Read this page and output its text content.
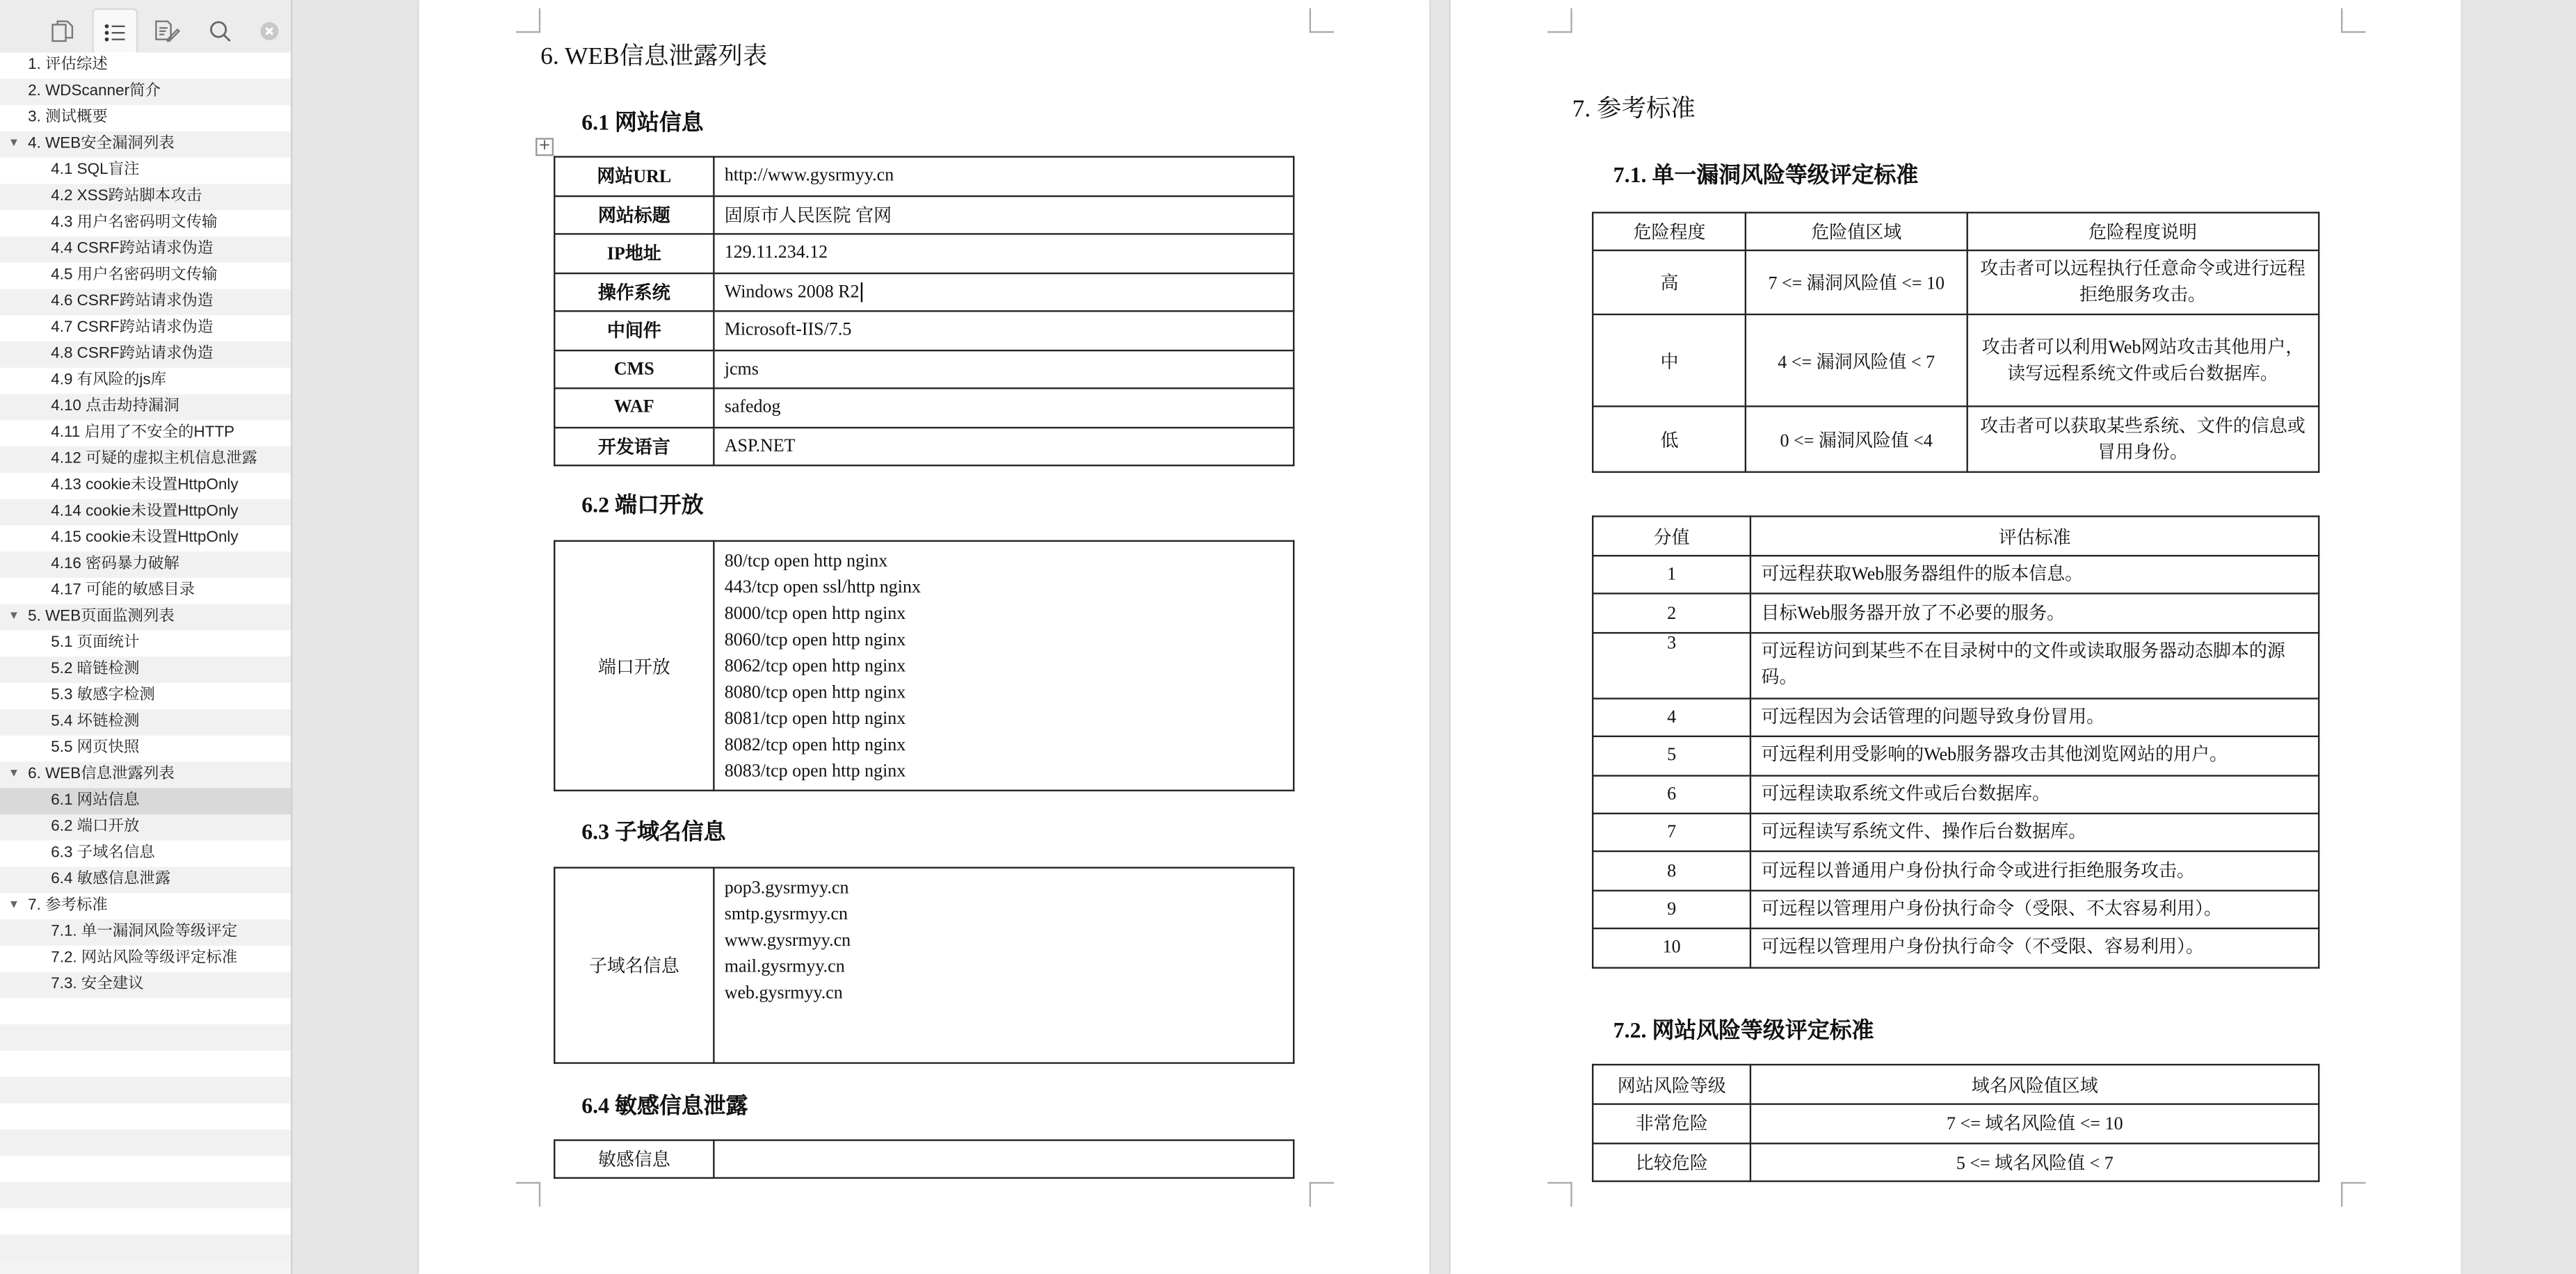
1. 评估综述
2. WDScanner简介
3. 测试概要
▼ 4. WEB安全漏洞列表
4.1 SQL盲注
4.2 XSS跨站脚本攻击
4.3 用户名密码明文传输
4.4 CSRF跨站请求伪造
4.5 用户名密码明文传输
4.6 CSRF跨站请求伪造
4.7 CSRF跨站请求伪造
4.8 CSRF跨站请求伪造
4.9 有风险的js库
4.10 点击劫持漏洞
4.11 启用了不安全的HTTP
4.12 可疑的虚拟主机信息泄露
4.13 cookie未设置HttpOnly
4.14 cookie未设置HttpOnly
4.15 cookie未设置HttpOnly
4.16 密码暴力破解
4.17 可能的敏感目录
▼ 5. WEB页面监测列表
5.1 页面统计
5.2 暗链检测
5.3 敏感字检测
5.4 坏链检测
5.5 网页快照
▼ 6. WEB信息泄露列表
6.1 网站信息
6.2 端口开放
6.3 子域名信息
6.4 敏感信息泄露
▼ 7. 参考标准
7.1. 单一漏洞风险等级评定
7.2. 网站风险等级评定标准
7.3. 安全建议
6. WEB信息泄露列表
6.1 网站信息
+
网站URL	http://www.gysrmyy.cn
网站标题	固原市人民医院 官网
IP地址	129.11.234.12
操作系统	Windows 2008 R2
中间件	Microsoft-IIS/7.5
CMS	jcms
WAF	safedog
开发语言	ASP.NET
6.2 端口开放
端口开放	
80/tcp open http nginx
443/tcp open ssl/http nginx
8000/tcp open http nginx
8060/tcp open http nginx
8062/tcp open http nginx
8080/tcp open http nginx
8081/tcp open http nginx
8082/tcp open http nginx
8083/tcp open http nginx
6.3 子域名信息
子域名信息	
pop3.gysrmyy.cn
smtp.gysrmyy.cn
www.gysrmyy.cn
mail.gysrmyy.cn
web.gysrmyy.cn
6.4 敏感信息泄露
敏感信息	
7. 参考标准
7.1. 单一漏洞风险等级评定标准
危险程度	危险值区域	危险程度说明
高	7 <= 漏洞风险值 <= 10	攻击者可以远程执行任意命令或进行远程拒绝服务攻击。
中	4 <= 漏洞风险值 < 7	攻击者可以利用Web网站攻击其他用户，读写远程系统文件或后台数据库。
低	0 <= 漏洞风险值 <4	攻击者可以获取某些系统、文件的信息或冒用身份。
分值	评估标准
1	可远程获取Web服务器组件的版本信息。
2	目标Web服务器开放了不必要的服务。
3	可远程访问到某些不在目录树中的文件或读取服务器动态脚本的源码。
4	可远程因为会话管理的问题导致身份冒用。
5	可远程利用受影响的Web服务器攻击其他浏览网站的用户。
6	可远程读取系统文件或后台数据库。
7	可远程读写系统文件、操作后台数据库。
8	可远程以普通用户身份执行命令或进行拒绝服务攻击。
9	可远程以管理用户身份执行命令（受限、不太容易利用）。
10	可远程以管理用户身份执行命令（不受限、容易利用）。
7.2. 网站风险等级评定标准
网站风险等级	域名风险值区域
非常危险	7 <= 域名风险值 <= 10
比较危险	5 <= 域名风险值 < 7
